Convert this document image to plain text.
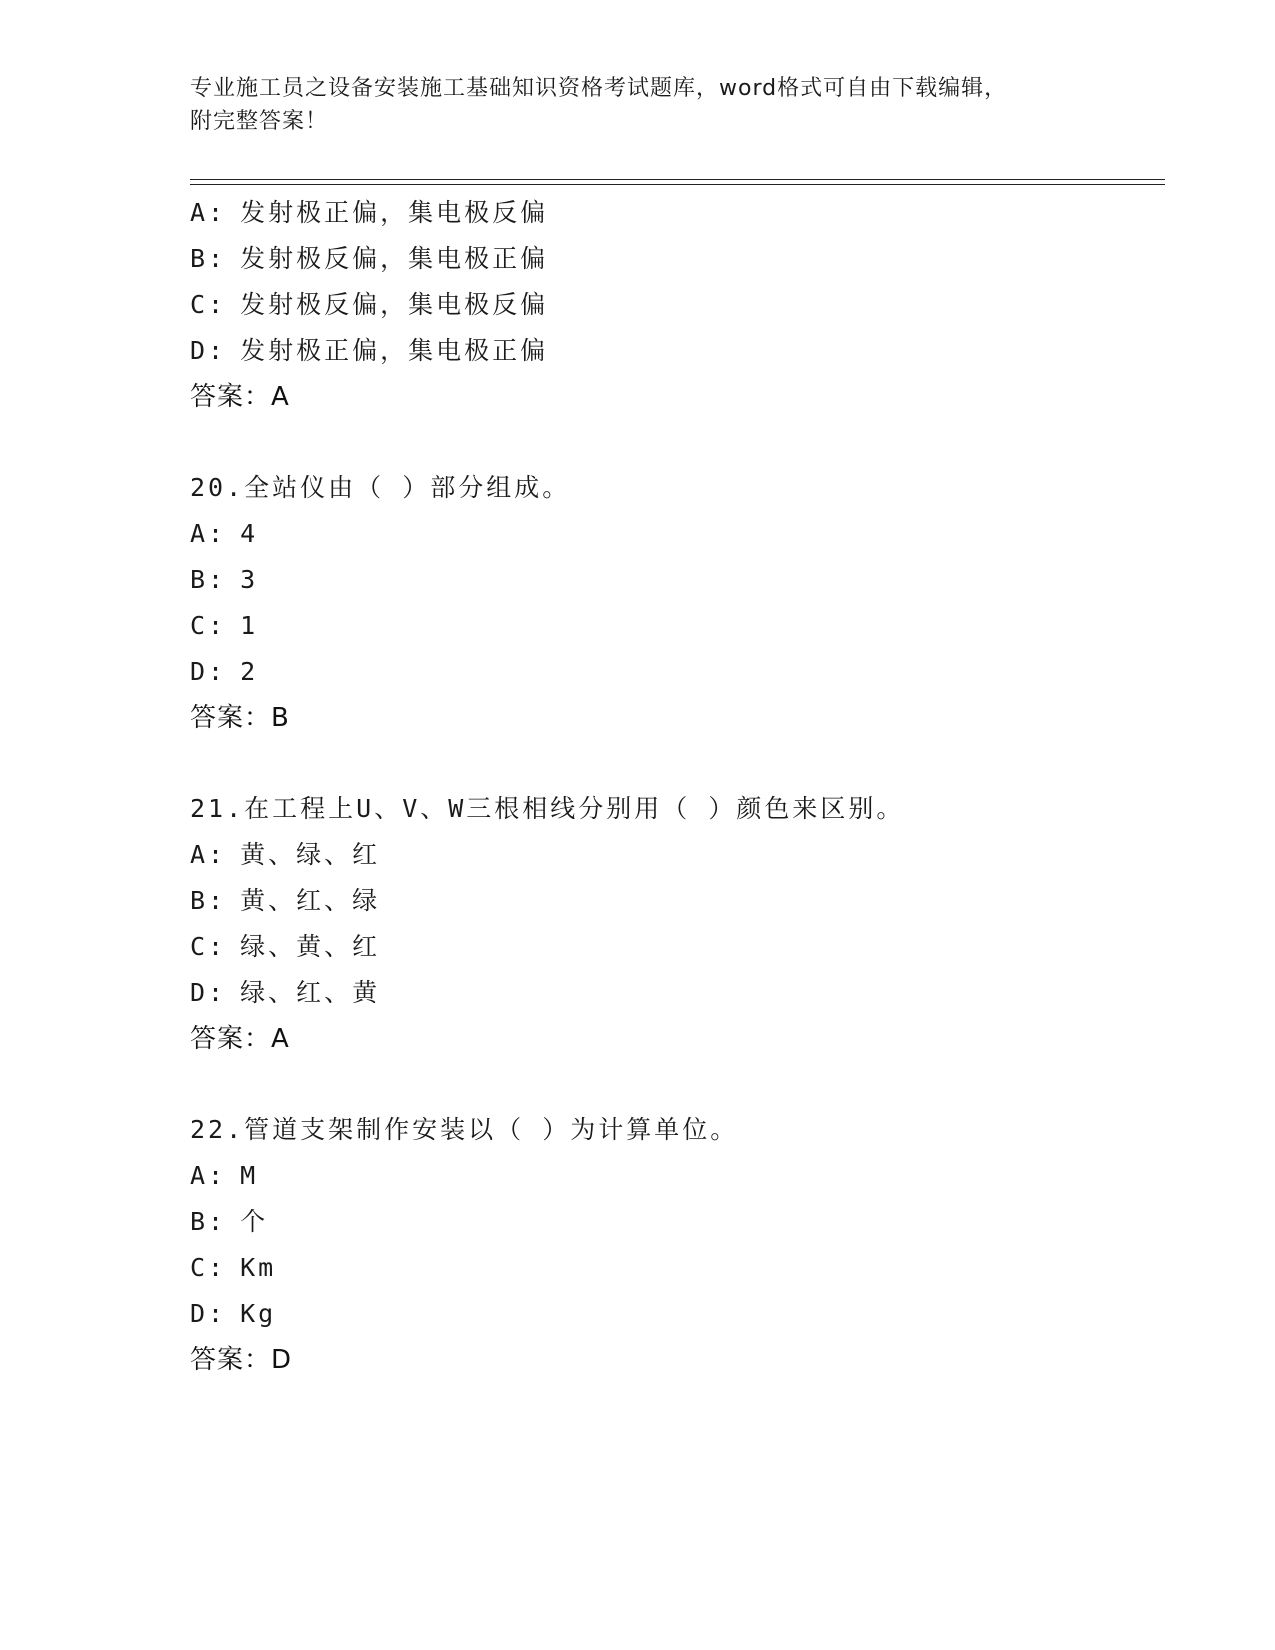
专业施工员之设备安装施工基础知识资格考试题库，word格式可自由下载编辑，
附完整答案！
A: 发射极正偏，集电极反偏
B: 发射极反偏，集电极正偏
C: 发射极反偏，集电极反偏
D: 发射极正偏，集电极正偏
答案：A
20.全站仪由（ ）部分组成。
A: 4
B: 3
C: 1
D: 2
答案：B
21.在工程上U、V、W三根相线分别用（ ）颜色来区别。
A: 黄、绿、红
B: 黄、红、绿
C: 绿、黄、红
D: 绿、红、黄
答案：A
22.管道支架制作安装以（ ）为计算单位。
A: M
B: 个
C: Km
D: Kg
答案：D
